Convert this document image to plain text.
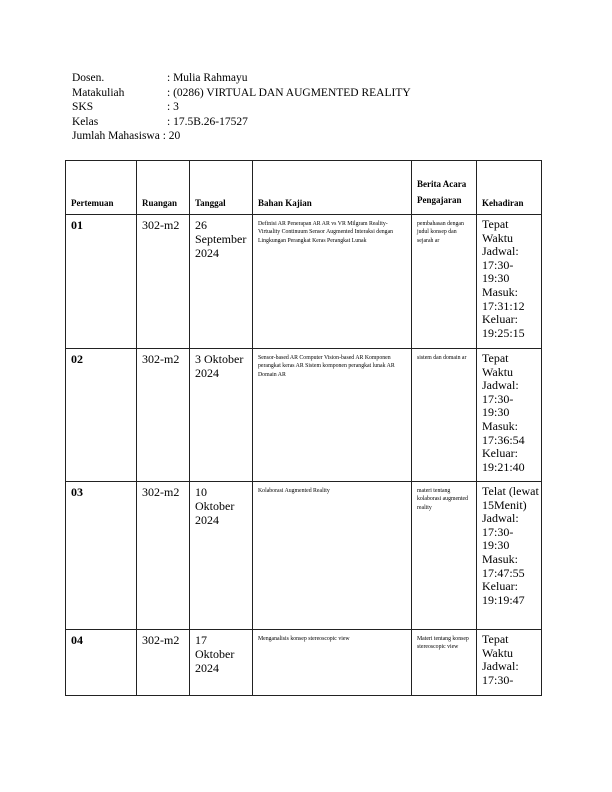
Dosen.	: Mulia Rahmayu
Matakuliah	: (0286) VIRTUAL DAN AUGMENTED REALITY
SKS	: 3
Kelas	: 17.5B.26-17527
Jumlah Mahasiswa : 20
Pertemuan	Ruangan	Tanggal	Bahan Kajian	Berita Acara Pengajaran	Kehadiran
01	302-m2	26 September 2024	Definisi AR Penerapan AR AR vs VR Milgram Reality-Virtuality Continuum Sensor Augmented Interaksi dengan Lingkungan Perangkat Keras Perangkat Lunak	pembahasan dengan judul konsep dan sejarah ar	Tepat Waktu Jadwal: 17:30-19:30 Masuk: 17:31:12 Keluar: 19:25:15
02	302-m2	3 Oktober 2024	Sensor-based AR Computer Vision-based AR Komponen perangkat keras AR Sistem komponen perangkat lunak AR Domain AR	sistem dan domain ar	Tepat Waktu Jadwal: 17:30-19:30 Masuk: 17:36:54 Keluar: 19:21:40
03	302-m2	10 Oktober 2024	Kolaborasi Augmented Reality	materi tentang kolaborasi augmented reality	Telat (lewat 15Menit) Jadwal: 17:30-19:30 Masuk: 17:47:55 Keluar: 19:19:47
04	302-m2	17 Oktober 2024	Menganalisis konsep stereoscopic view	Materi tentang konsep stereoscopic view	Tepat Waktu Jadwal: 17:30-
